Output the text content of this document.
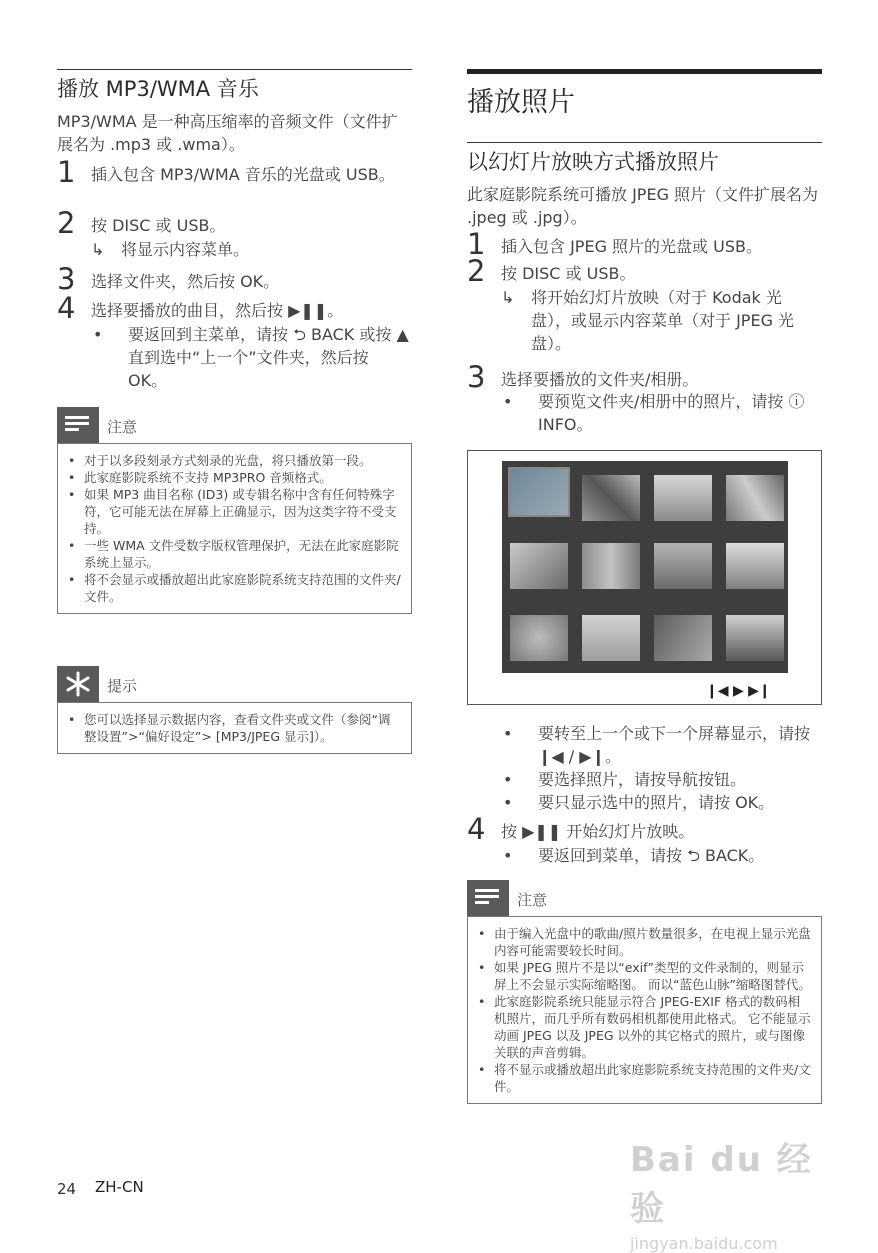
播放 MP3/WMA 音乐
MP3/WMA 是一种高压缩率的音频文件（文件扩展名为 .mp3 或 .wma）。
1 插入包含 MP3/WMA 音乐的光盘或 USB。
2 按 DISC 或 USB。
↳ 将显示内容菜单。
3 选择文件夹，然后按 OK。
4 选择要播放的曲目，然后按 ▶❚❚。
• 要返回到主菜单，请按 ⮌ BACK 或按 ▲ 直到选中“上一个”文件夹，然后按 OK。
注意
• 对于以多段刻录方式刻录的光盘，将只播放第一段。
• 此家庭影院系统不支持 MP3PRO 音频格式。
• 如果 MP3 曲目名称 (ID3) 或专辑名称中含有任何特殊字符，它可能无法在屏幕上正确显示，因为这类字符不受支持。
• 一些 WMA 文件受数字版权管理保护，无法在此家庭影院系统上显示。
• 将不会显示或播放超出此家庭影院系统支持范围的文件夹/文件。
提示
• 您可以选择显示数据内容，查看文件夹或文件（参阅“调整设置”>“偏好设定”> [MP3/JPEG 显示]）。
播放照片
以幻灯片放映方式播放照片
此家庭影院系统可播放 JPEG 照片（文件扩展名为 .jpeg 或 .jpg）。
1 插入包含 JPEG 照片的光盘或 USB。
2 按 DISC 或 USB。
↳ 将开始幻灯片放映（对于 Kodak 光盘），或显示内容菜单（对于 JPEG 光盘）。
3 选择要播放的文件夹/相册。
• 要预览文件夹/相册中的照片，请按 ⓘ INFO。
❙◀ ▶ ▶❙
• 要转至上一个或下一个屏幕显示，请按 ❙◀ / ▶❙。
• 要选择照片，请按导航按钮。
• 要只显示选中的照片，请按 OK。
4 按 ▶❚❚ 开始幻灯片放映。
• 要返回到菜单，请按 ⮌ BACK。
注意
• 由于编入光盘中的歌曲/照片数量很多，在电视上显示光盘内容可能需要较长时间。
• 如果 JPEG 照片不是以“exif”类型的文件录制的，则显示屏上不会显示实际缩略图。 而以“蓝色山脉”缩略图替代。
• 此家庭影院系统只能显示符合 JPEG-EXIF 格式的数码相机照片，而几乎所有数码相机都使用此格式。 它不能显示动画 JPEG 以及 JPEG 以外的其它格式的照片，或与图像关联的声音剪辑。
• 将不显示或播放超出此家庭影院系统支持范围的文件夹/文件。
24 ZH-CN
Bai du 经验
jingyan.baidu.com
